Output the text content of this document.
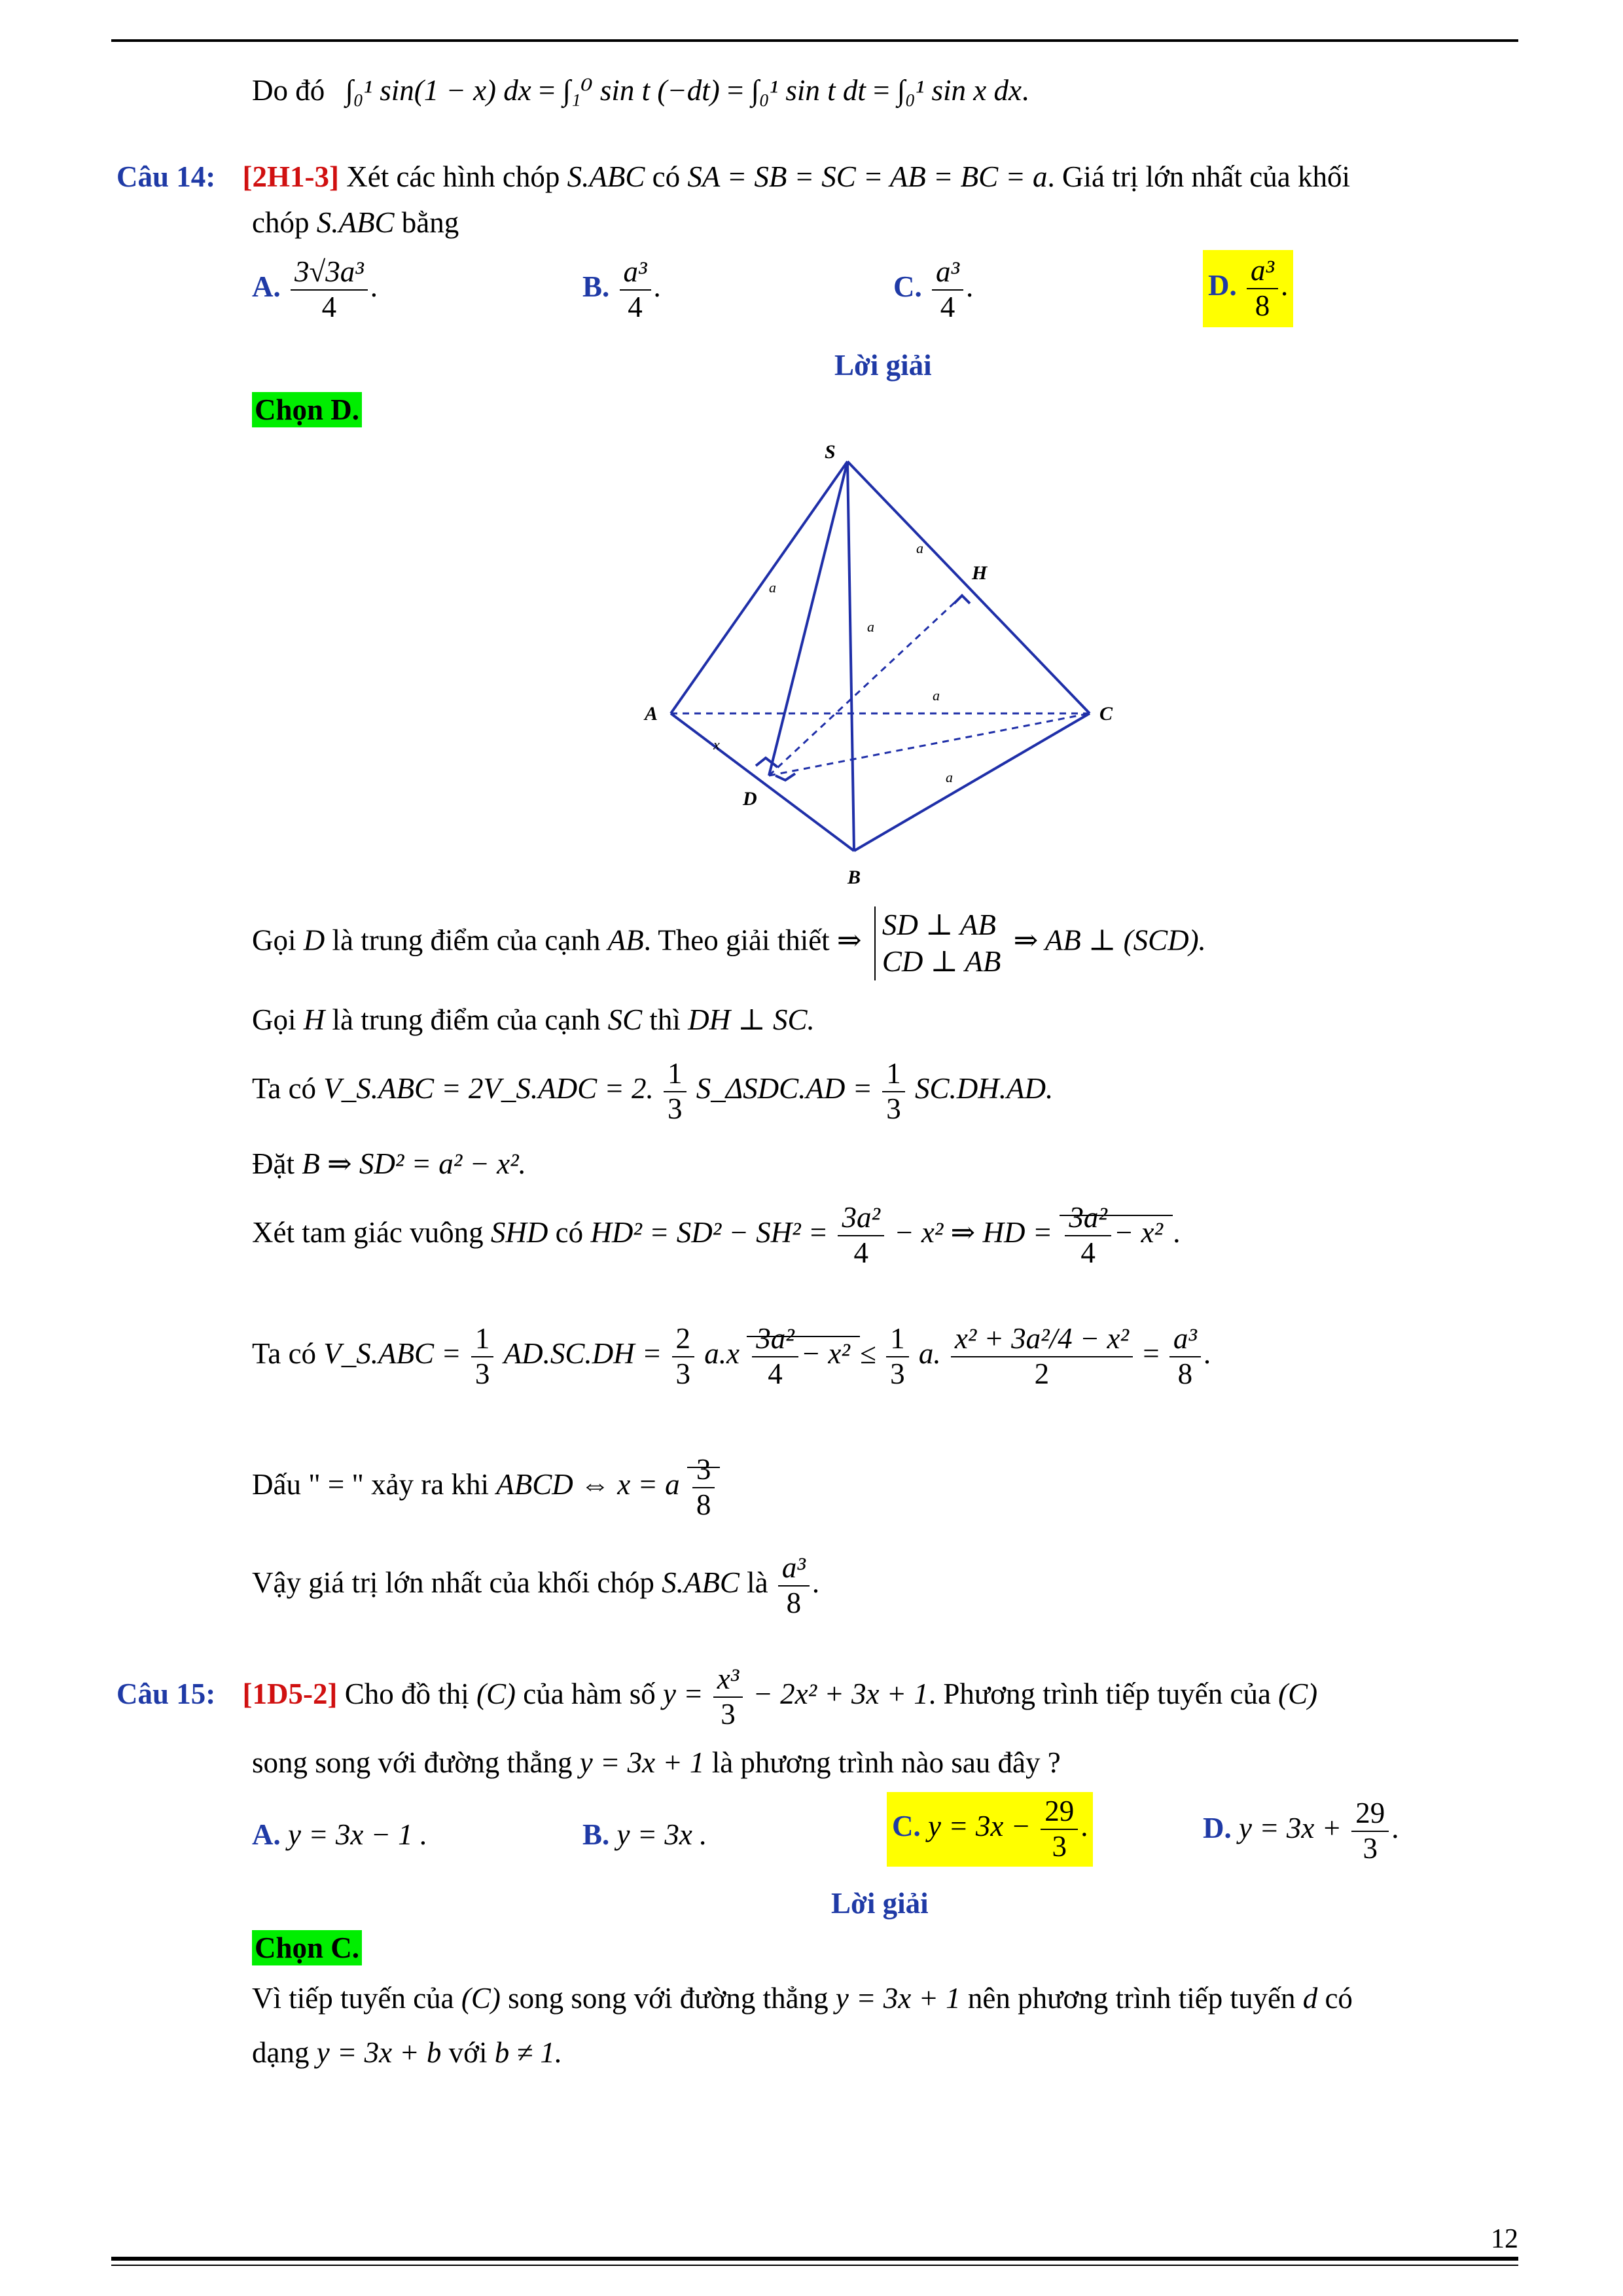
Do đó ∫₀¹ sin(1 − x) dx = ∫₁⁰ sin t (−dt) = ∫₀¹ sin t dt = ∫₀¹ sin x dx.
Câu 14: [2H1-3] Xét các hình chóp S.ABC có SA = SB = SC = AB = BC = a. Giá trị lớn nhất của khối
chóp S.ABC bằng
A. $\frac{\text{3√3a³}}{4}$ .	B. $\frac{\text{a³}}{4}$ .	C. $\frac{\text{a³}}{4}$ .	D. $\frac{\text{a³}}{8}$ .
Lời giải
Chọn D.
S
A	C
B
D
H
a
a
a
a
a
x
Gọi D là trung điểm của cạnh AB. Theo giải thiết ⇒ SD ⊥ AB
CD ⊥ AB
⇒ AB ⊥ (SCD).
Gọi H là trung điểm của cạnh SC thì DH ⊥ SC.
Ta có V_S.ABC = 2V_S.ADC = 2. $\frac{1}{3}$ S_ΔSDC.AD = $\frac{1}{3} SC.DH.AD$.
Đặt B ⇒ SD² = a² − x².
Xét tam giác vuông SHD có $HD^2 = SD^2 - SH^2 = \frac{\text{3a²}}{4} - x^2$ ⇒ HD = $\frac{\text{3a²}}{4} - x^2$ .
Ta có V_S.ABC = $\frac{1}{3} AD.SC.DH = \frac{2}{3} a.x \frac{\text{3a²}}{4} - x^2 \le \frac{1}{3} a$. $\frac{\text{x² + 3a²/4 − x²}}{2} = \frac{\text{a³}}{8}$ .
Dấu " = " xảy ra khi ABCD ⇔ x = a $\frac{3}{8}$
Vậy giá trị lớn nhất của khối chóp S.ABC là $\frac{\text{a³}}{8}$ .
Câu 15: [1D5-2] Cho đồ thị (C) của hàm số $y = \frac{\text{x³}}{3} - 2x^2 + 3x + 1$. Phương trình tiếp tuyến của (C)
song song với đường thẳng y = 3x + 1 là phương trình nào sau đây ?
A. y = 3x − 1 .	B. y = 3x .	C. $y = 3x - \frac{29}{3}$ .	D. $y = 3x + \frac{29}{3}$ .
Lời giải
Chọn C.
Vì tiếp tuyến của (C) song song với đường thẳng y = 3x + 1 nên phương trình tiếp tuyến d có
dạng y = 3x + b với b ≠ 1.
12
